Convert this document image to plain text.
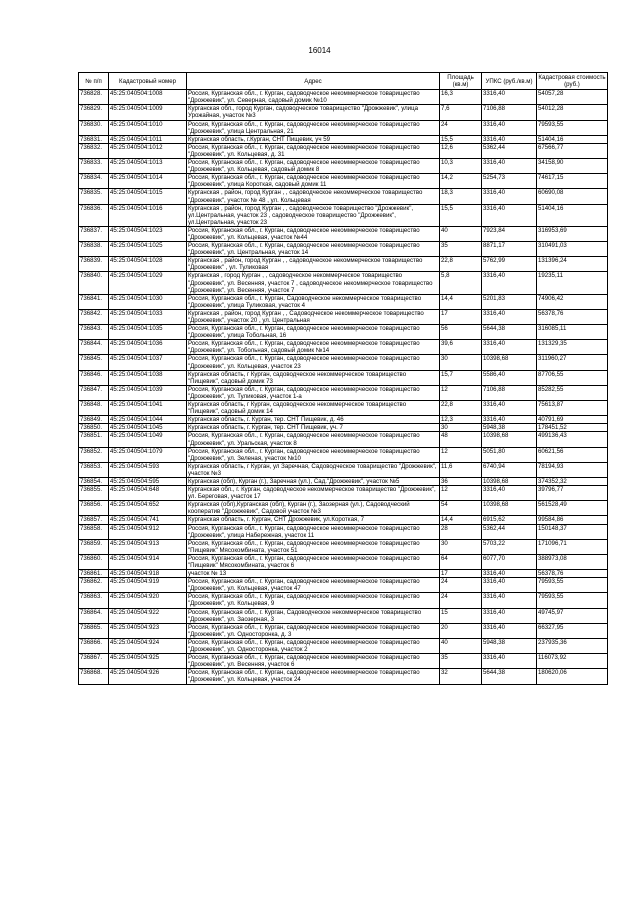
16014
№ п/п	Кадастровый номер	Адрес	Площадь (кв.м)	УПКС (руб./кв.м)	Кадастровая стоимость (руб.)
736828.	45:25:040504:1008	Россия, Курганская обл., г. Курган, садоводческое некоммерческое товарищество "Дрожжевик", ул. Северная, садовый домик №10	16,3	3316,40	54057,28
736829.	45:25:040504:1009	Курганская обл., город Курган, садоводческое товарищество "Дрожжевик", улица Урожайная, участок №3	7,6	7106,88	54012,28
736830.	45:25:040504:1010	Россия, Курганская обл., г. Курган, садоводческое некоммерческое товарищество "Дрожжевик", улица Центральная, 21	24	3316,40	79593,55
736831.	45:25:040504:1011	Курганская область, г.Курган, СНТ Пищевик, уч 59	15,5	3316,40	51404,16
736832.	45:25:040504:1012	Россия, Курганская обл., г. Курган, садоводческое некоммерческое товарищество "Дрожжевик", ул. Кольцевая, д. 31	12,6	5362,44	67566,77
736833.	45:25:040504:1013	Россия, Курганская обл., г. Курган, садоводческое некоммерческое товарищество "Дрожжевик", ул. Кольцевая, садовый домик 8	10,3	3316,40	34158,90
736834.	45:25:040504:1014	Россия, Курганская обл., г. Курган, садоводческое некоммерческое товарищество "Дрожжевик", улица Короткая, садовый домик 11	14,2	5254,73	74617,15
736835.	45:25:040504:1015	Курганская , район, город Курган , , садоводческое некоммерческое товарищество "Дрожжевик", участок № 48 , ул. Кольцевая	18,3	3316,40	60690,08
736836.	45:25:040504:1016	Курганская , район, город Курган , , садоводческое товарищество "Дрожжевик", ул.Центральная, участок 23 , садоводческое товарищество "Дрожжевик", ул.Центральная, участок 23	15,5	3316,40	51404,16
736837.	45:25:040504:1023	Россия, Курганская обл., г. Курган, садоводческое некоммерческое товарищество "Дрожжевик", ул. Кольцевая, участок №44	40	7923,84	316953,69
736838.	45:25:040504:1025	Россия, Курганская обл., г. Курган, садоводческое некоммерческое товарищество "Дрожжевик", ул. Центральная, участок 14	35	8871,17	310491,03
736839.	45:25:040504:1028	Курганская , район, город Курган , , садоводческое некоммерческое товарищество "Дрожжевик" , ул. Туликовая	22,8	5762,99	131396,24
736840.	45:25:040504:1029	Курганская , город Курган , , садоводческое некоммерческое товарищество "Дрожжевик", ул. Весенняя, участок 7 , садоводческое некоммерческое товарищество "Дрожжевик", ул. Весенняя, участок 7	5,8	3316,40	19235,11
736841.	45:25:040504:1030	Россия, Курганская обл., г. Курган, Садоводческое некоммерческое товарищество "Дрожжевик", улица Туликовая, участок 4	14,4	5201,83	74906,42
736842.	45:25:040504:1033	Курганская , район, город Курган , , Садоводческое некоммерческое товарищество "Дрожжевик", участок 20 , ул. Центральная	17	3316,40	56378,76
736843.	45:25:040504:1035	Россия, Курганская обл., г. Курган, садоводческое некоммерческое товарищество "Дрожжевик", улица Тобольная, 16	56	5644,38	316085,11
736844.	45:25:040504:1036	Россия, Курганская обл., г. Курган, садоводческое некоммерческое товарищество "Дрожжевик", ул. Тобольная, садовый домик №14	39,6	3316,40	131329,35
736845.	45:25:040504:1037	Россия, Курганская обл., г. Курган, садоводческое некоммерческое товарищество "Дрожжевик", ул. Кольцевая, участок 23	30	10398,68	311960,27
736846.	45:25:040504:1038	Курганская область, г Курган, садоводческое некоммерческое товарищество "Пищевик", садовый домик 73	15,7	5586,40	87706,55
736847.	45:25:040504:1039	Россия, Курганская обл., г. Курган, садоводческое некоммерческое товарищество "Дрожжевик", ул. Туликовая, участок 1-а	12	7106,88	85282,55
736848.	45:25:040504:1041	Курганская область, г Курган, садоводческое некоммерческое товарищество "Пищевик", садовый домик 14	22,8	3316,40	75613,87
736849.	45:25:040504:1044	Курганская область, г. Курган, тер. СНТ Пищевик, д. 46	12,3	3316,40	40791,69
736850.	45:25:040504:1045	Курганская область, г. Курган, тер. СНТ Пищевик, уч. 7	30	5948,38	178451,52
736851.	45:25:040504:1049	Россия, Курганская обл., г. Курган, садоводческое некоммерческое товарищество "Дрожжевик", ул. Уральская, участок 8	48	10398,68	499136,43
736852.	45:25:040504:1079	Россия, Курганская обл., г. Курган, садоводческое некоммерческое товарищество "Дрожжевик", ул. Зеленая, участок №10	12	5051,80	60621,56
736853.	45:25:040504:593	Курганская область, г Курган, ул Заречная, Садоводческое товарищество "Дрожжевик", участок №3	11,6	6740,94	78194,93
736854.	45:25:040504:595	Курганская (обл), Курган (г.), Заречная (ул.), Сад."Дрожжевик", участок №5	36	10398,68	374352,32
736855.	45:25:040504:648	Курганская обл., г. Курган, садоводческое некоммерческое товарищество "Дрожжевик", ул. Береговая, участок 17	12	3316,40	39796,77
736856.	45:25:040504:652	Курганская (обл),Курганская (обл), Курган (г.), Заозерная (ул.), Садоводческий кооператив "Дрожжевик", Садовой участок №3	54	10398,68	561528,49
736857.	45:25:040504:741	Курганская область, г. Курган, СНТ Дрожжевик, ул.Короткая, 7	14,4	6915,62	99584,86
736858.	45:25:040504:912	Россия, Курганская обл., г. Курган, садоводческое некоммерческое товарищество "Дрожжевик", улица Набережная, участок 11	28	5362,44	150148,37
736859.	45:25:040504:913	Россия, Курганская обл., г. Курган, садоводческое некоммерческое товарищество "Пищевик" Мясокомбината, участок 51	30	5703,22	171096,71
736860.	45:25:040504:914	Россия, Курганская обл., г. Курган, садоводческое некоммерческое товарищество "Пищевик" Мясокомбината, участок 6	64	6077,70	388973,08
736861.	45:25:040504:918	участок № 13	17	3316,40	56378,76
736862.	45:25:040504:919	Россия, Курганская обл., г. Курган, садоводческое некоммерческое товарищество "Дрожжевик", ул. Кольцевая, участок 47	24	3316,40	79593,55
736863.	45:25:040504:920	Россия, Курганская обл., г. Курган, садоводческое некоммерческое товарищество "Дрожжевик", ул. Кольцевая, 9	24	3316,40	79593,55
736864.	45:25:040504:922	Россия, Курганская обл., г. Курган, Садоводческое некоммерческое товарищество "Дрожжевик", ул. Заозерная, 3	15	3316,40	49745,97
736865.	45:25:040504:923	Россия, Курганская обл., г. Курган, садоводческое некоммерческое товарищество "Дрожжевик", ул. Односторонка, д. 3	20	3316,40	66327,95
736866.	45:25:040504:924	Россия, Курганская обл., г. Курган, садоводческое некоммерческое товарищество "Дрожжевик", ул. Односторонка, участок 2	40	5948,38	237935,36
736867.	45:25:040504:925	Россия, Курганская обл., г. Курган, садоводческое некоммерческое товарищество "Дрожжевик", ул. Весенняя, участок 6	35	3316,40	116073,92
736868.	45:25:040504:926	Россия, Курганская обл., г. Курган, садоводческое некоммерческое товарищество "Дрожжевик", ул. Кольцевая, участок 24	32	5644,38	180620,06
